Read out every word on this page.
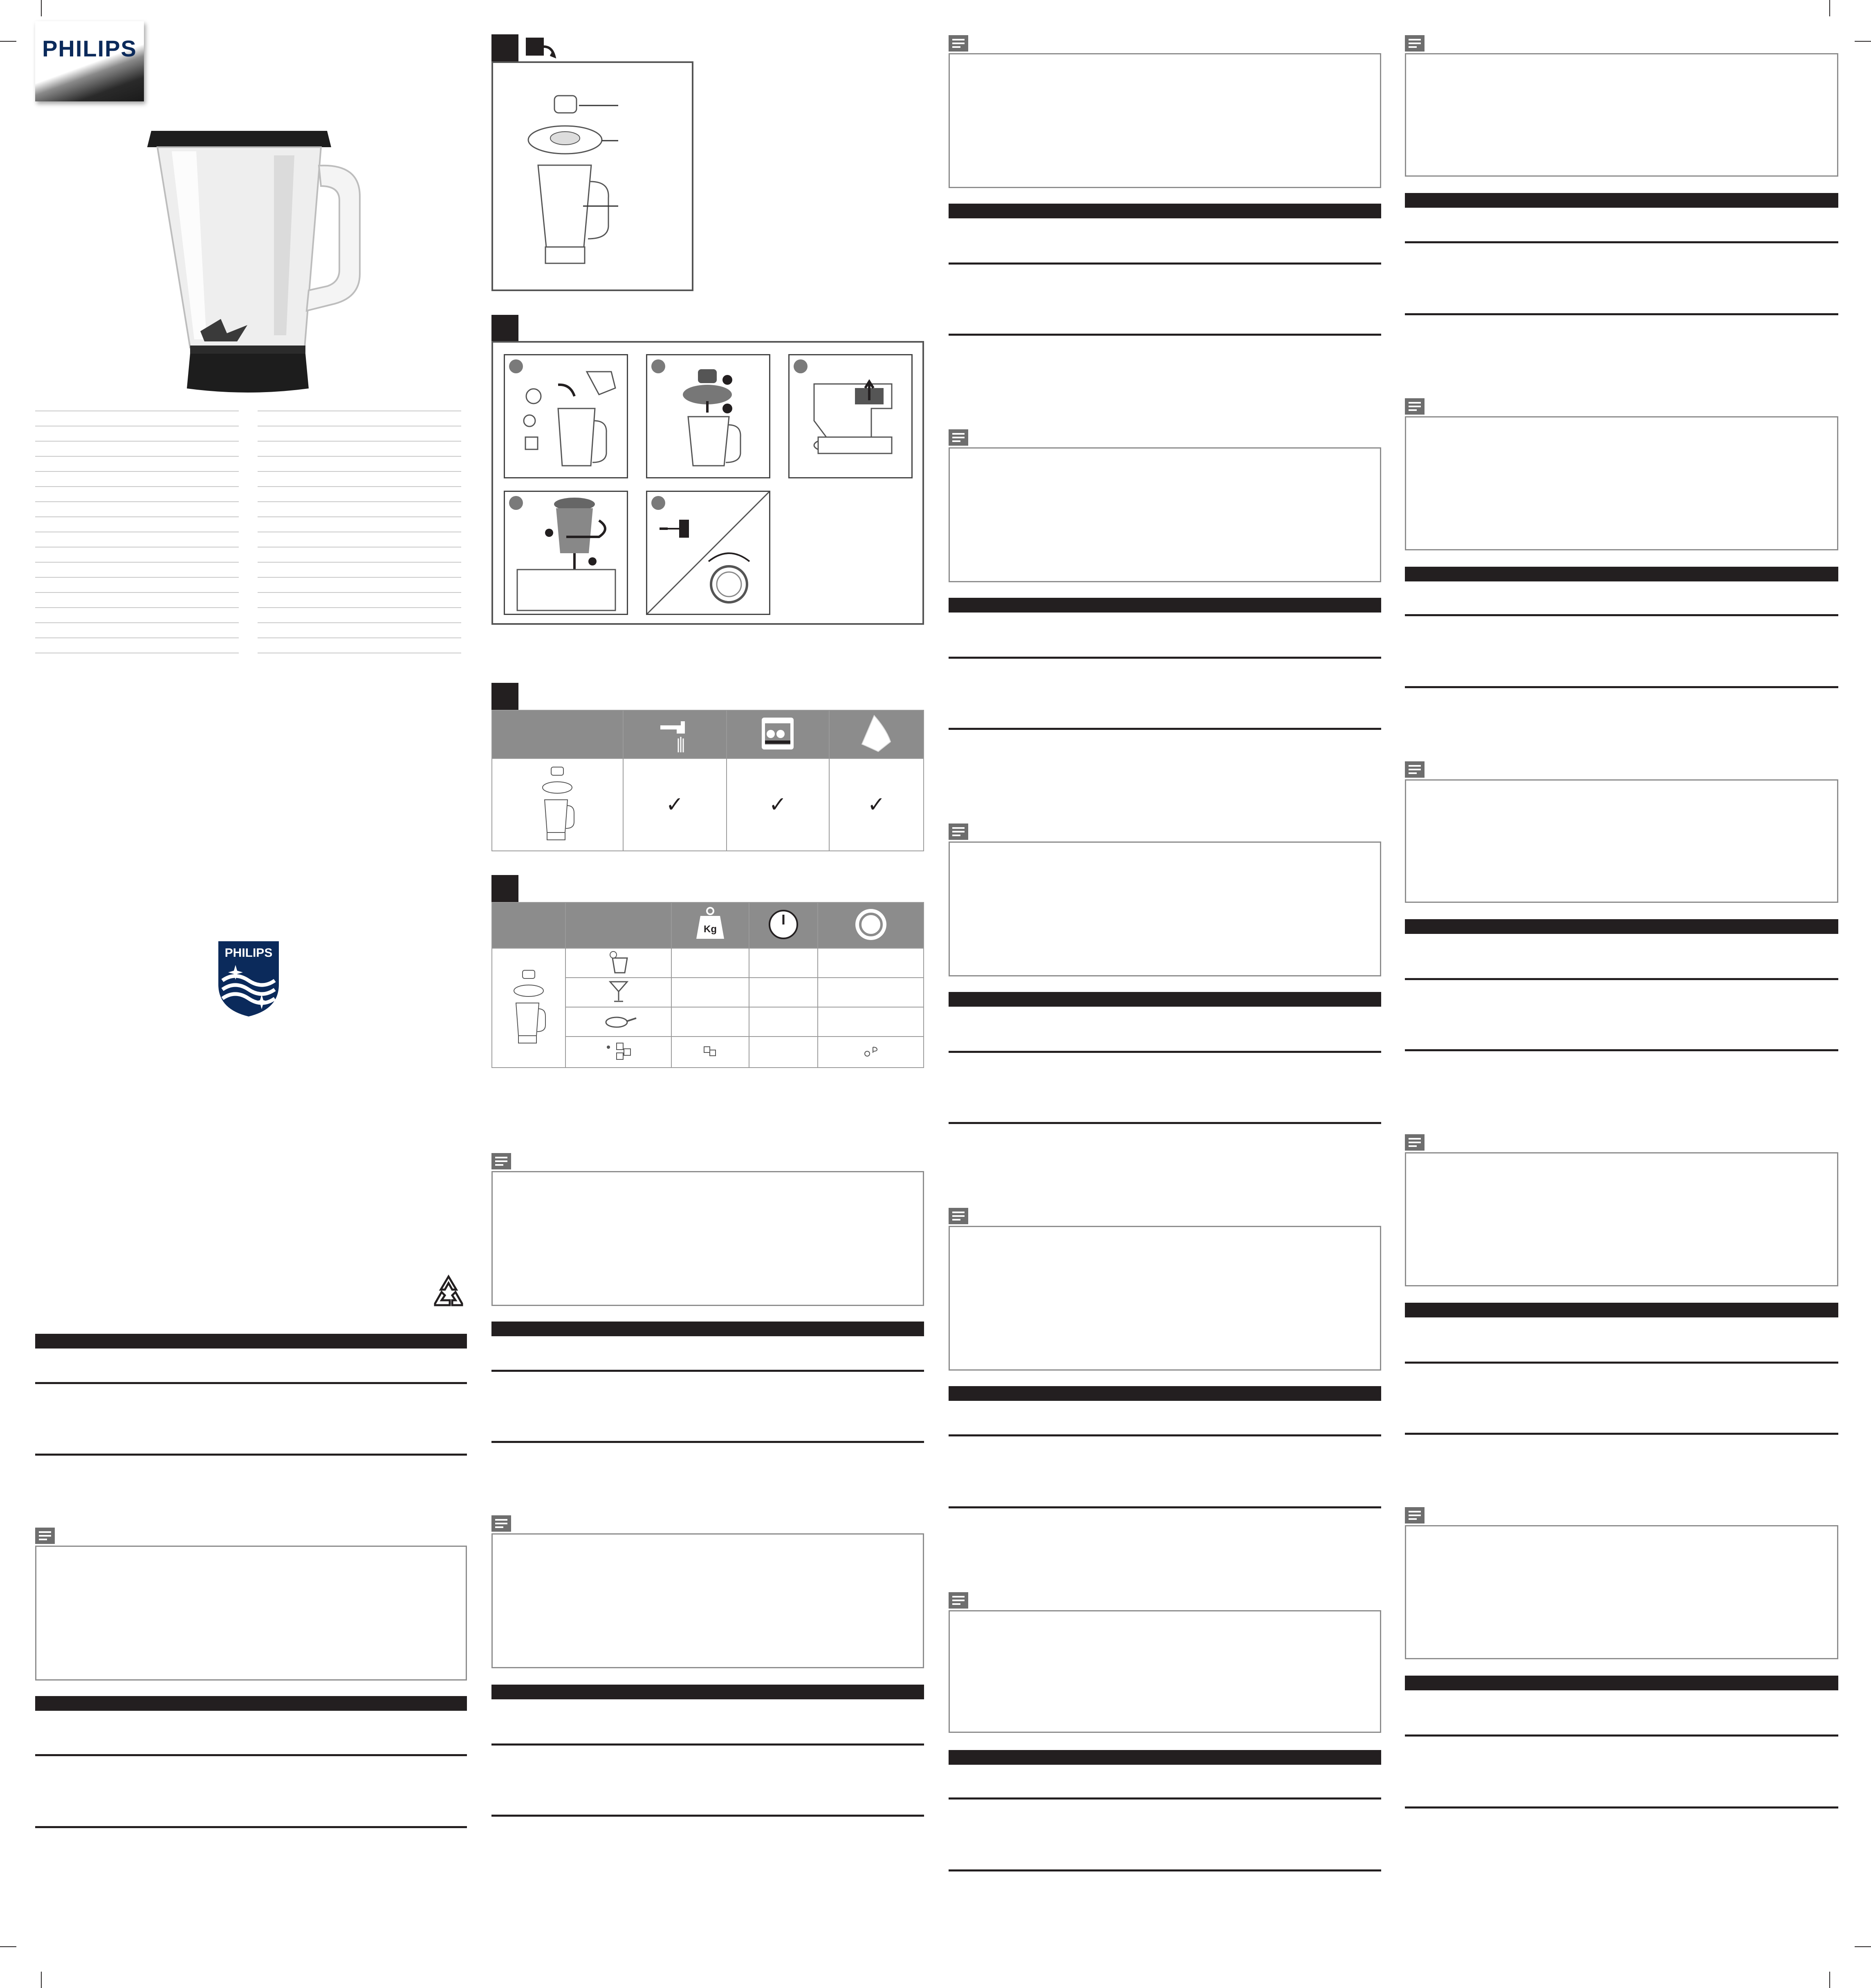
PHILIPS
PHILIPS

	✓	✓	✓

Kg
